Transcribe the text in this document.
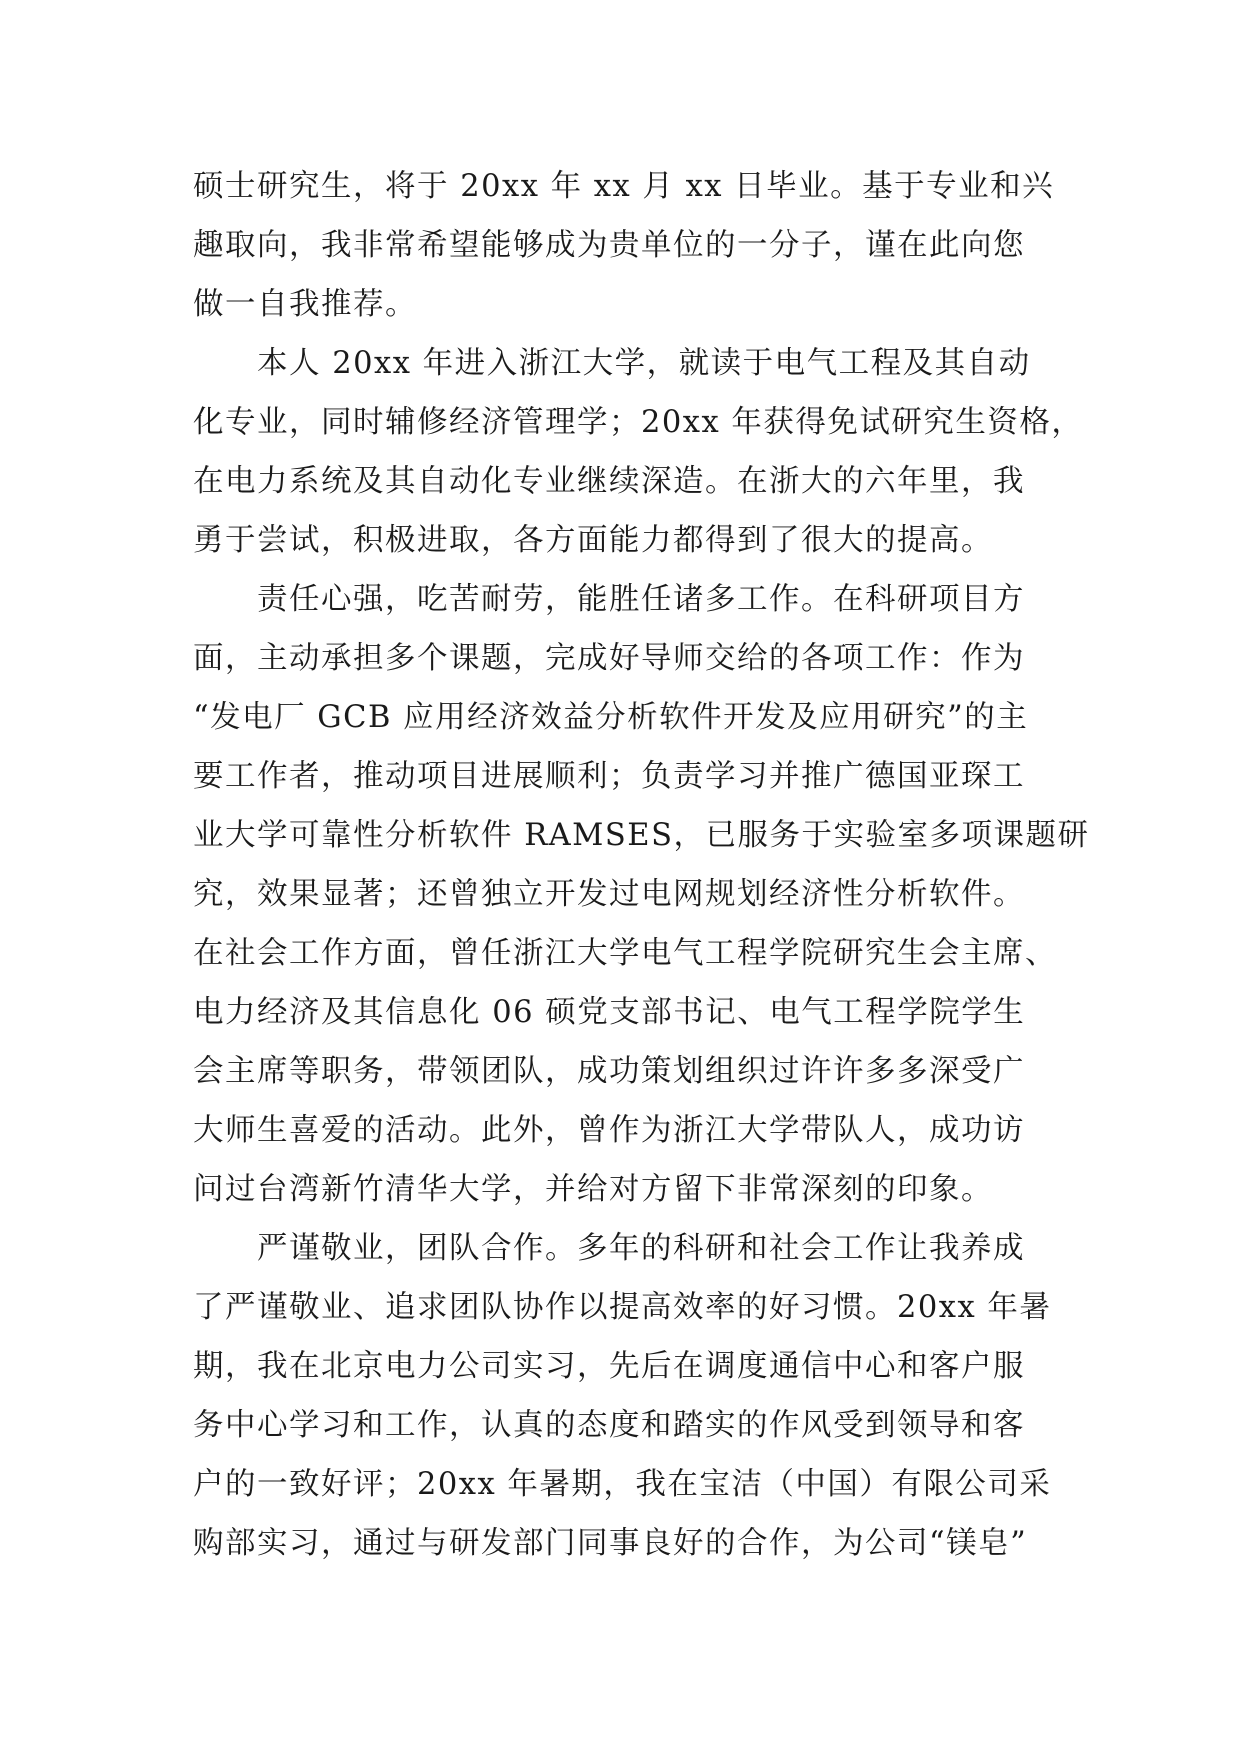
硕士研究生，将于 20xx 年 xx 月 xx 日毕业。基于专业和兴
趣取向，我非常希望能够成为贵单位的一分子，谨在此向您
做一自我推荐。
　　本人 20xx 年进入浙江大学，就读于电气工程及其自动
化专业，同时辅修经济管理学；20xx 年获得免试研究生资格，
在电力系统及其自动化专业继续深造。在浙大的六年里，我
勇于尝试，积极进取，各方面能力都得到了很大的提高。
　　责任心强，吃苦耐劳，能胜任诸多工作。在科研项目方
面，主动承担多个课题，完成好导师交给的各项工作：作为
“发电厂 GCB 应用经济效益分析软件开发及应用研究”的主
要工作者，推动项目进展顺利；负责学习并推广德国亚琛工
业大学可靠性分析软件 RAMSES，已服务于实验室多项课题研
究，效果显著；还曾独立开发过电网规划经济性分析软件。
在社会工作方面，曾任浙江大学电气工程学院研究生会主席、
电力经济及其信息化 06 硕党支部书记、电气工程学院学生
会主席等职务，带领团队，成功策划组织过许许多多深受广
大师生喜爱的活动。此外，曾作为浙江大学带队人，成功访
问过台湾新竹清华大学，并给对方留下非常深刻的印象。
　　严谨敬业，团队合作。多年的科研和社会工作让我养成
了严谨敬业、追求团队协作以提高效率的好习惯。20xx 年暑
期，我在北京电力公司实习，先后在调度通信中心和客户服
务中心学习和工作，认真的态度和踏实的作风受到领导和客
户的一致好评；20xx 年暑期，我在宝洁（中国）有限公司采
购部实习，通过与研发部门同事良好的合作，为公司“镁皂”
